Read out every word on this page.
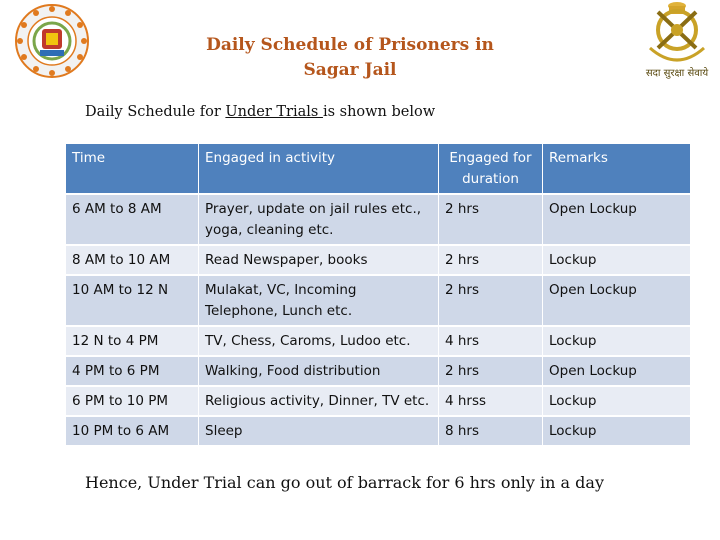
सदा सुरक्षा सेवाये
Daily Schedule of Prisoners in
Sagar Jail
Daily Schedule for Under Trials is shown below
Time	Engaged in activity	Engaged for duration	Remarks
6 AM to 8 AM	Prayer, update on jail rules etc., yoga, cleaning etc.	2 hrs	Open Lockup
8 AM to 10 AM	Read Newspaper, books	2 hrs	Lockup
10 AM to 12 N	Mulakat, VC, Incoming Telephone, Lunch etc.	2 hrs	Open Lockup
12 N to 4 PM	TV, Chess, Caroms, Ludoo etc.	4 hrs	Lockup
4 PM to 6 PM	Walking, Food distribution	2 hrs	Open Lockup
6 PM to 10 PM	Religious activity, Dinner, TV etc.	4 hrss	Lockup
10 PM to 6 AM	Sleep	8 hrs	Lockup
Hence, Under Trial can go out of barrack for 6 hrs only in a day
